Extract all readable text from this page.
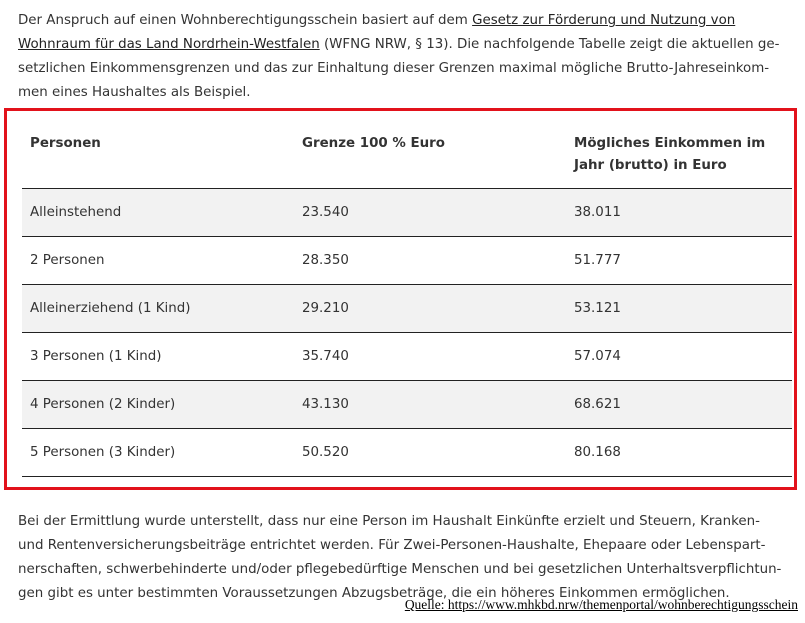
Der Anspruch auf einen Wohnberechtigungsschein basiert auf dem Gesetz zur Förderung und Nutzung von Wohnraum für das Land Nordrhein-Westfalen (WFNG NRW, § 13). Die nachfolgende Tabelle zeigt die aktuellen ge-setzlichen Einkommensgrenzen und das zur Einhaltung dieser Grenzen maximal mögliche Brutto-Jahreseinkom-men eines Haushaltes als Beispiel.
Personen	Grenze 100 % Euro	Mögliches Einkommen im Jahr (brutto) in Euro
Alleinstehend	23.540	38.011
2 Personen	28.350	51.777
Alleinerziehend (1 Kind)	29.210	53.121
3 Personen (1 Kind)	35.740	57.074
4 Personen (2 Kinder)	43.130	68.621
5 Personen (3 Kinder)	50.520	80.168
Bei der Ermittlung wurde unterstellt, dass nur eine Person im Haushalt Einkünfte erzielt und Steuern, Kranken- und Rentenversicherungsbeiträge entrichtet werden. Für Zwei-Personen-Haushalte, Ehepaare oder Lebenspart-nerschaften, schwerbehinderte und/oder pflegebedürftige Menschen und bei gesetzlichen Unterhaltsverpflichtun-gen gibt es unter bestimmten Voraussetzungen Abzugsbeträge, die ein höheres Einkommen ermöglichen.
Quelle: https://www.mhkbd.nrw/themenportal/wohnberechtigungsschein
